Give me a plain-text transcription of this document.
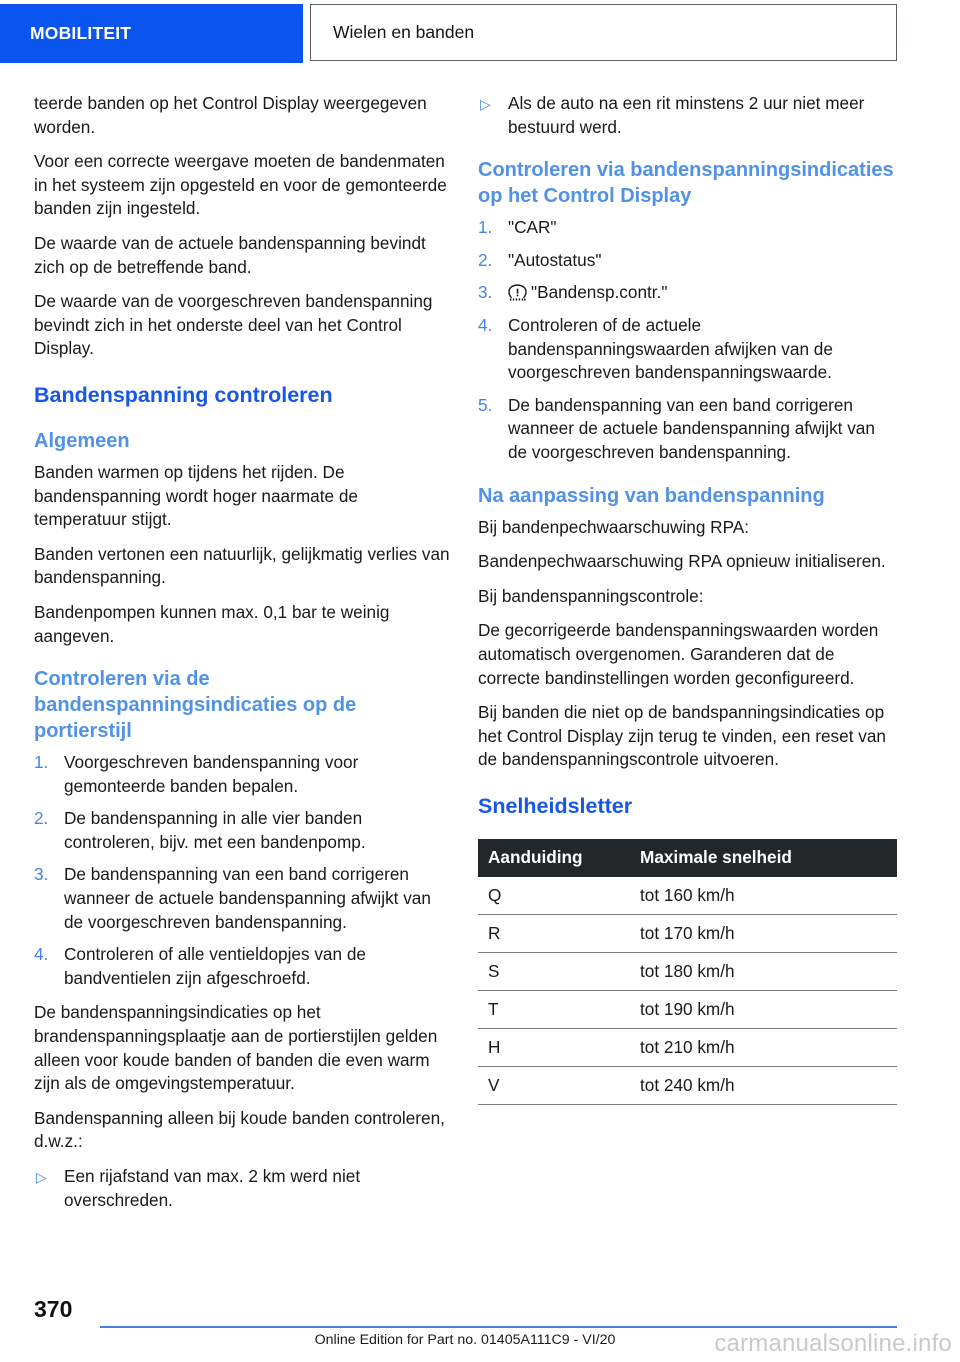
MOBILITEIT	Wielen en banden

teerde banden op het Control Display weergegeven worden.

Voor een correcte weergave moeten de bandenmaten in het systeem zijn opgesteld en voor de gemonteerde banden zijn ingesteld.

De waarde van de actuele bandenspanning bevindt zich op de betreffende band.

De waarde van de voorgeschreven bandenspanning bevindt zich in het onderste deel van het Control Display.

Bandenspanning controleren
Algemeen

Banden warmen op tijdens het rijden. De bandenspanning wordt hoger naarmate de temperatuur stijgt.

Banden vertonen een natuurlijk, gelijkmatig verlies van bandenspanning.

Bandenpompen kunnen max. 0,1 bar te weinig aangeven.

Controleren via de bandenspanningsindicaties op de portierstijl
1. Voorgeschreven bandenspanning voor gemonteerde banden bepalen.
2. De bandenspanning in alle vier banden controleren, bijv. met een bandenpomp.
3. De bandenspanning van een band corrigeren wanneer de actuele bandenspanning afwijkt van de voorgeschreven bandenspanning.
4. Controleren of alle ventieldopjes van de bandventielen zijn afgeschroefd.

De bandenspanningsindicaties op het brandenspanningsplaatje aan de portierstijlen gelden alleen voor koude banden of banden die even warm zijn als de omgevingstemperatuur.

Bandenspanning alleen bij koude banden controleren, d.w.z.:

▷ Een rijafstand van max. 2 km werd niet overschreden.
▷ Als de auto na een rit minstens 2 uur niet meer bestuurd werd.
Controleren via bandenspanningsindicaties op het Control Display
1. "CAR"
2. "Autostatus"
3. "Bandensp.contr."
4. Controleren of de actuele bandenspanningswaarden afwijken van de voorgeschreven bandenspanningswaarde.
5. De bandenspanning van een band corrigeren wanneer de actuele bandenspanning afwijkt van de voorgeschreven bandenspanning.
Na aanpassing van bandenspanning

Bij bandenpechwaarschuwing RPA:

Bandenpechwaarschuwing RPA opnieuw initialiseren.

Bij bandenspanningscontrole:

De gecorrigeerde bandenspanningswaarden worden automatisch overgenomen. Garanderen dat de correcte bandinstellingen worden geconfigureerd.

Bij banden die niet op de bandspanningsindicaties op het Control Display zijn terug te vinden, een reset van de bandenspanningscontrole uitvoeren.

Snelheidsletter
Aanduiding	Maximale snelheid
Q	tot 160 km/h
R	tot 170 km/h
S	tot 180 km/h
T	tot 190 km/h
H	tot 210 km/h
V	tot 240 km/h
370
Online Edition for Part no. 01405A111C9 - VI/20	carmanualsonline.info
